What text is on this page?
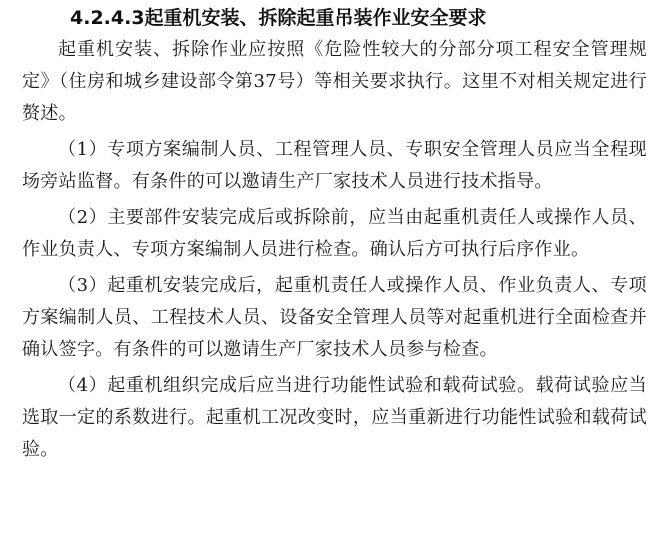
4.2.4.3起重机安装、拆除起重吊装作业安全要求

起重机安装、拆除作业应按照《危险性较大的分部分项工程安全管理规定》（住房和城乡建设部令第37号）等相关要求执行。这里不对相关规定进行赘述。

（1）专项方案编制人员、工程管理人员、专职安全管理人员应当全程现场旁站监督。有条件的可以邀请生产厂家技术人员进行技术指导。

（2）主要部件安装完成后或拆除前，应当由起重机责任人或操作人员、作业负责人、专项方案编制人员进行检查。确认后方可执行后序作业。

（3）起重机安装完成后，起重机责任人或操作人员、作业负责人、专项方案编制人员、工程技术人员、设备安全管理人员等对起重机进行全面检查并确认签字。有条件的可以邀请生产厂家技术人员参与检查。

（4）起重机组织完成后应当进行功能性试验和载荷试验。载荷试验应当选取一定的系数进行。起重机工况改变时，应当重新进行功能性试验和载荷试验。
